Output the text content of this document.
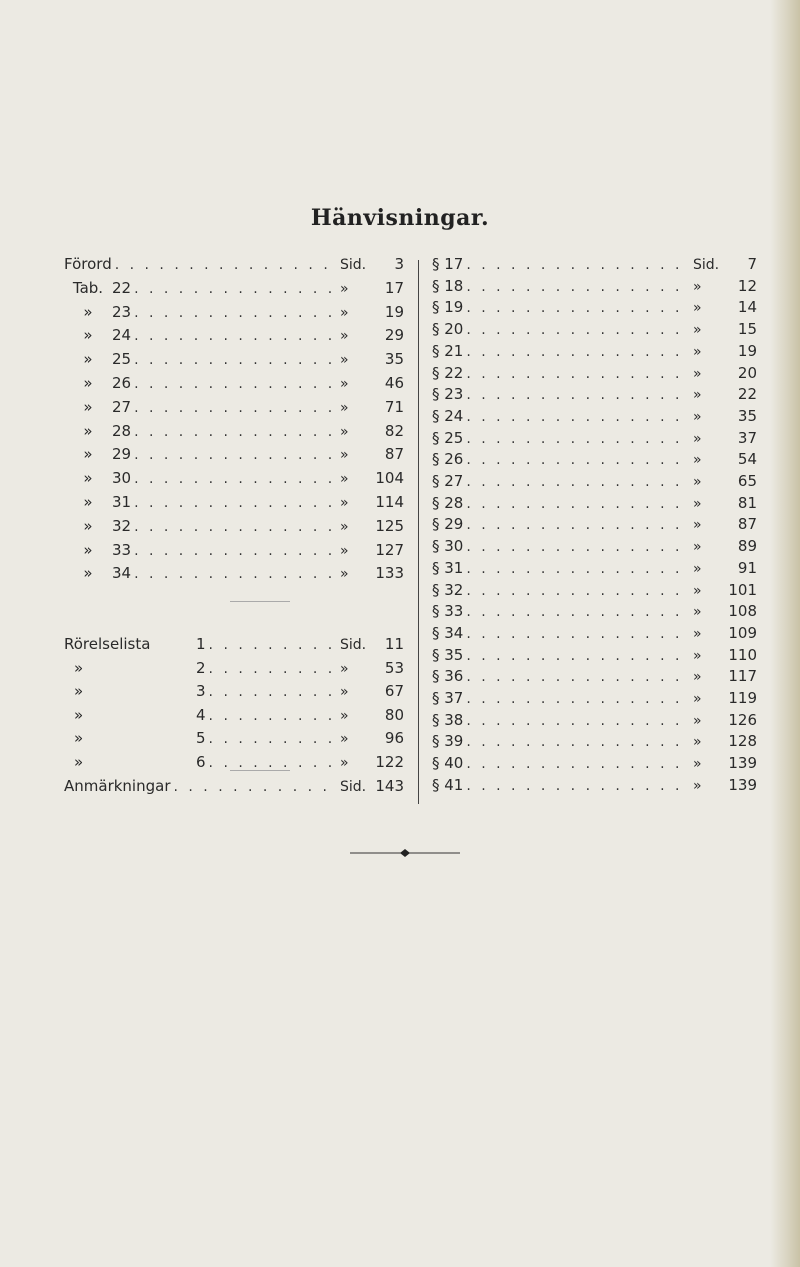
Hänvisningar.
Förord . . .	Sid.	3
Tab. 22 . . .	»	17
»	23 . . .	»	19
»	24 . . .	»	29
»	25 . . .	»	35
»	26 . . .	»	46
»	27 . . .	»	71
»	28 . . .	»	82
»	29 . . .	»	87
»	30 . . .	»	104
»	31 . . .	»	114
»	32 . . .	»	125
»	33 . . .	»	127
»	34 . . .	»	133
Rörelselista	1 . . .	Sid.	11
»	2 . . .	»	53
»	3 . . .	»	67
»	4 . . .	»	80
»	5 . . .	»	96
»	6 . . .	»	122
Anmärkningar . . .	Sid. 143
§ 17 . . .	Sid.	7
§ 18 . . .	»	12
§ 19 . . .	»	14
§ 20 . . .	»	15
§ 21 . . .	»	19
§ 22 . . .	»	20
§ 23 . . .	»	22
§ 24 . . .	»	35
§ 25 . . .	»	37
§ 26 . . .	»	54
§ 27 . . .	»	65
§ 28 . . .	»	81
§ 29 . . .	»	87
§ 30 . . .	»	89
§ 31 . . .	»	91
§ 32 . . .	»	101
§ 33 . . .	»	108
§ 34 . . .	»	109
§ 35 . . .	»	110
§ 36 . . .	»	117
§ 37 . . .	»	119
§ 38 . . .	»	126
§ 39 . . .	»	128
§ 40 . . .	»	139
§ 41 . . .	»	139
